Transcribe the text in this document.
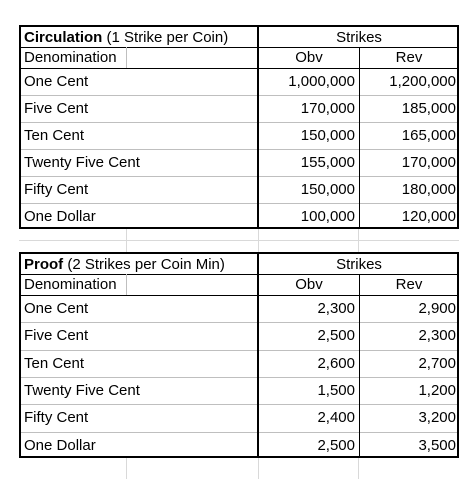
Circulation (1 Strike per Coin)	Strikes
Denomination	Obv	Rev
One Cent	1,000,000	1,200,000
Five Cent	170,000	185,000
Ten Cent	150,000	165,000
Twenty Five Cent	155,000	170,000
Fifty Cent	150,000	180,000
One Dollar	100,000	120,000
Proof (2 Strikes per Coin Min)	Strikes
Denomination	Obv	Rev
One Cent	2,300	2,900
Five Cent	2,500	2,300
Ten Cent	2,600	2,700
Twenty Five Cent	1,500	1,200
Fifty Cent	2,400	3,200
One Dollar	2,500	3,500
